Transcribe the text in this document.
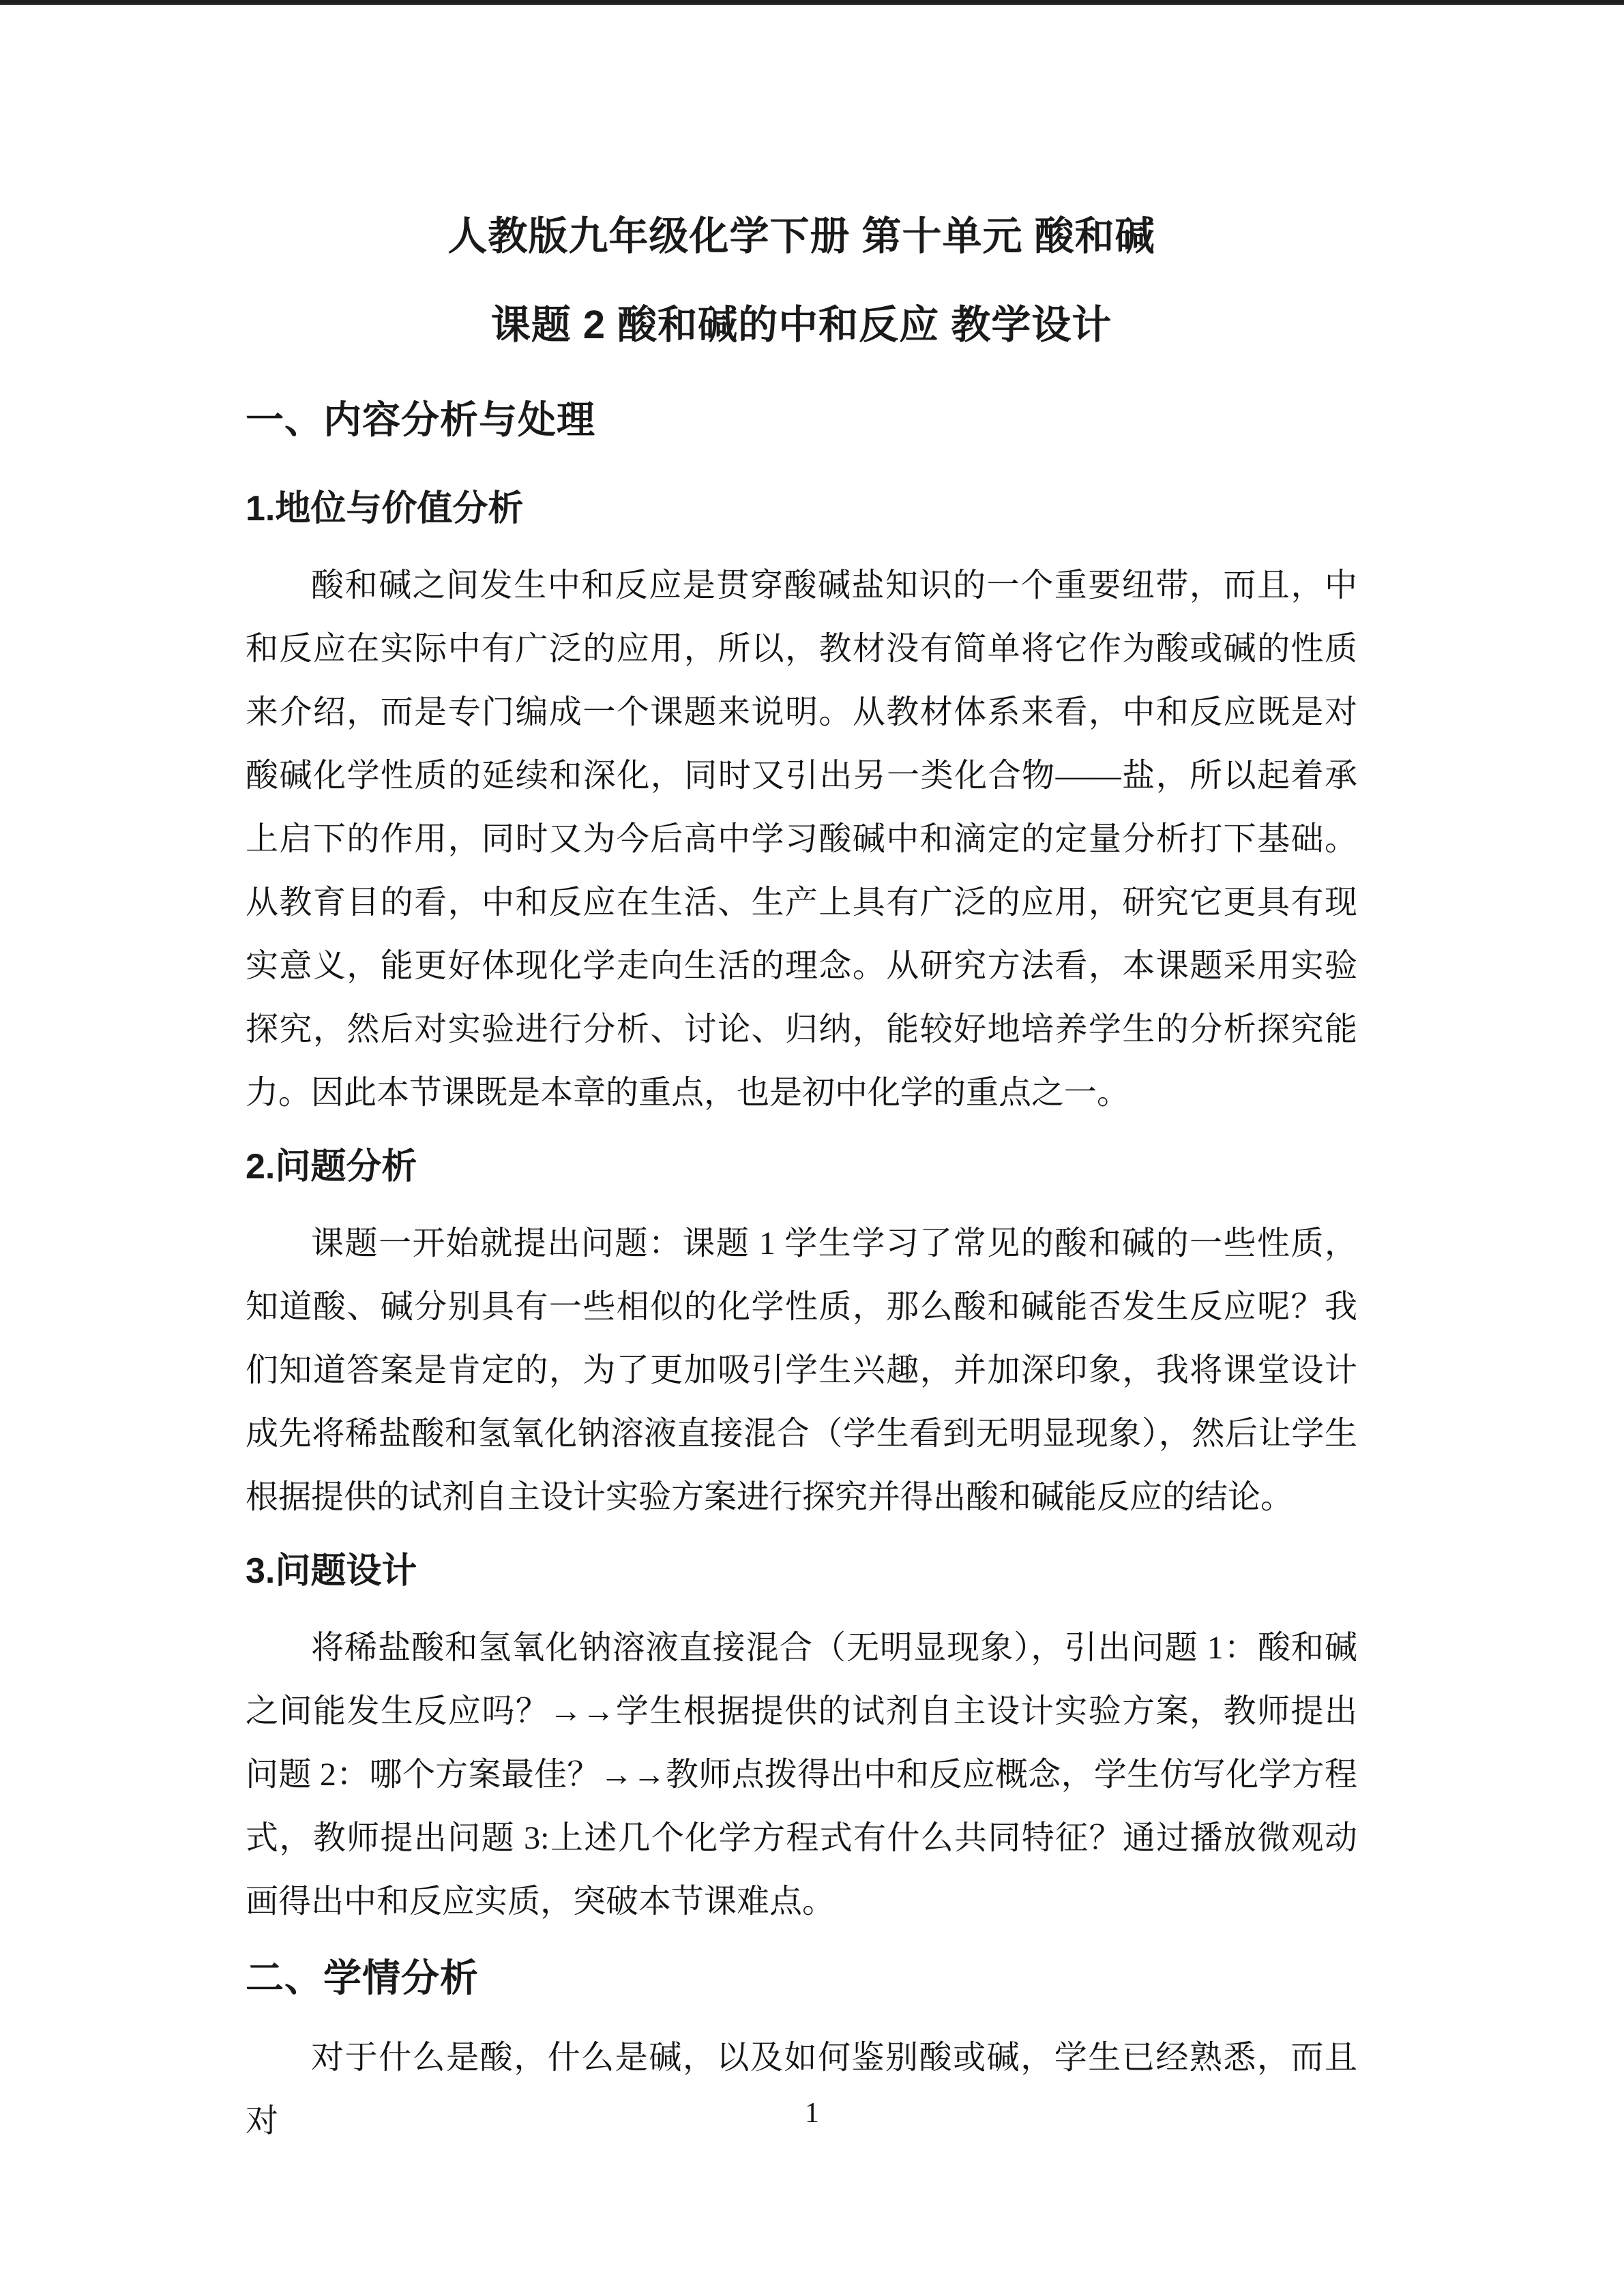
人教版九年级化学下册 第十单元 酸和碱
课题 2 酸和碱的中和反应 教学设计
一、内容分析与处理
1.地位与价值分析

酸和碱之间发生中和反应是贯穿酸碱盐知识的一个重要纽带，而且，中和反应在实际中有广泛的应用，所以，教材没有简单将它作为酸或碱的性质来介绍，而是专门编成一个课题来说明。从教材体系来看，中和反应既是对酸碱化学性质的延续和深化，同时又引出另一类化合物——盐，所以起着承上启下的作用，同时又为今后高中学习酸碱中和滴定的定量分析打下基础。从教育目的看，中和反应在生活、生产上具有广泛的应用，研究它更具有现实意义，能更好体现化学走向生活的理念。从研究方法看，本课题采用实验探究，然后对实验进行分析、讨论、归纳，能较好地培养学生的分析探究能力。因此本节课既是本章的重点，也是初中化学的重点之一。

2.问题分析

课题一开始就提出问题：课题 1 学生学习了常见的酸和碱的一些性质，知道酸、碱分别具有一些相似的化学性质，那么酸和碱能否发生反应呢？我们知道答案是肯定的，为了更加吸引学生兴趣，并加深印象，我将课堂设计成先将稀盐酸和氢氧化钠溶液直接混合（学生看到无明显现象），然后让学生根据提供的试剂自主设计实验方案进行探究并得出酸和碱能反应的结论。

3.问题设计

将稀盐酸和氢氧化钠溶液直接混合（无明显现象），引出问题 1：酸和碱之间能发生反应吗？→→学生根据提供的试剂自主设计实验方案，教师提出问题 2：哪个方案最佳？→→教师点拨得出中和反应概念，学生仿写化学方程式，教师提出问题 3:上述几个化学方程式有什么共同特征？通过播放微观动画得出中和反应实质，突破本节课难点。

二、学情分析

对于什么是酸，什么是碱，以及如何鉴别酸或碱，学生已经熟悉，而且对	1
